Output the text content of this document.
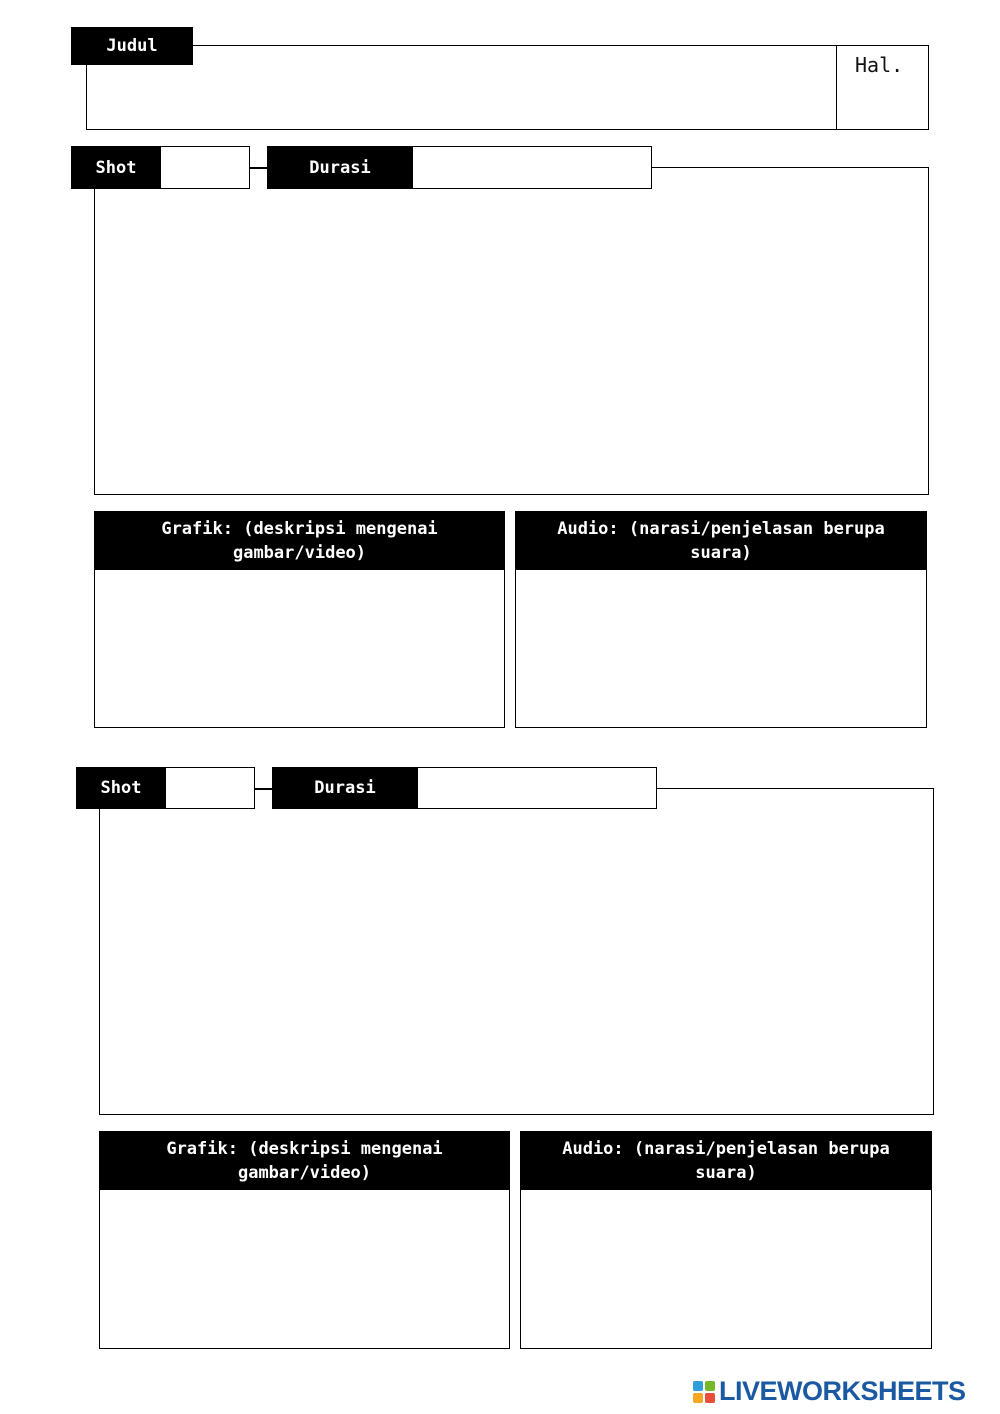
Judul
Hal.
Shot	Durasi
Grafik: (deskripsi mengenai gambar/video)
Audio: (narasi/penjelasan berupa suara)
Shot	Durasi
Grafik: (deskripsi mengenai gambar/video)
Audio: (narasi/penjelasan berupa suara)
LIVEWORKSHEETS
